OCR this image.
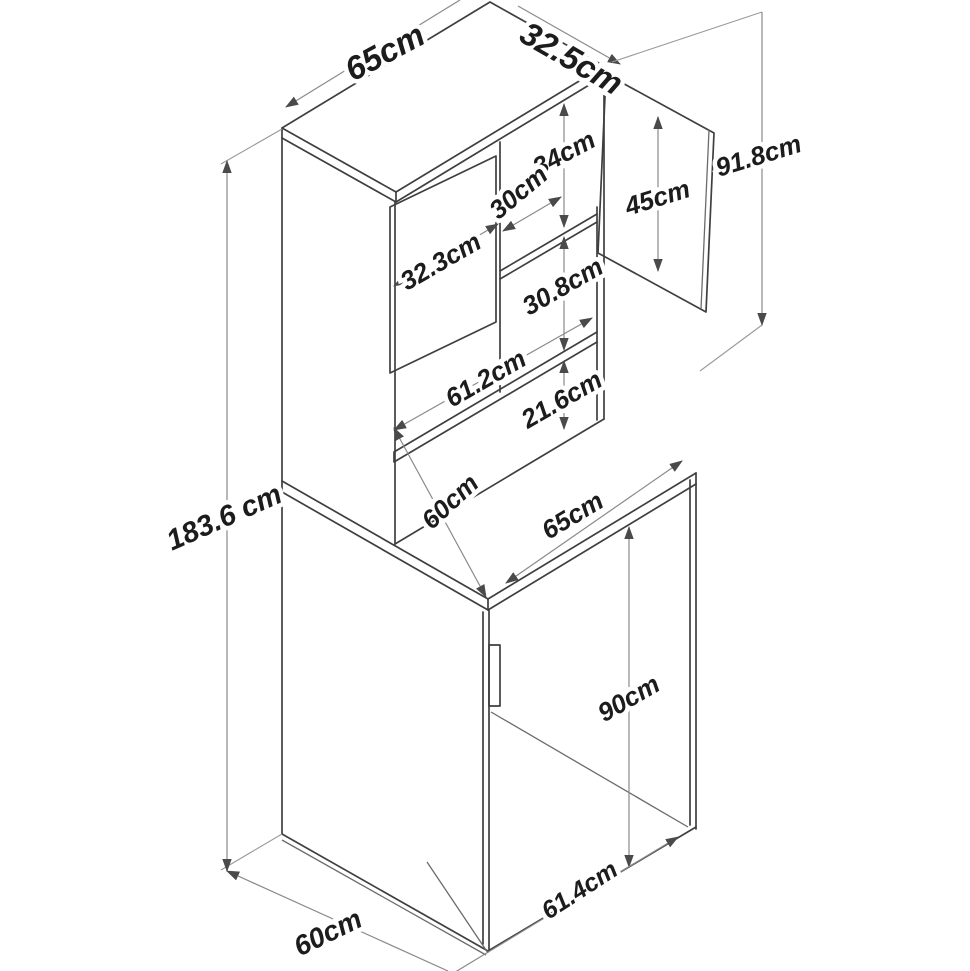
65cm	32.5cm
91.8cm
34cm
30cm	45cm
32.3cm 30.8cm
61.2cm
21.6cm
60cm 65cm
183.6 cm
90cm
61.4cm
60cm
